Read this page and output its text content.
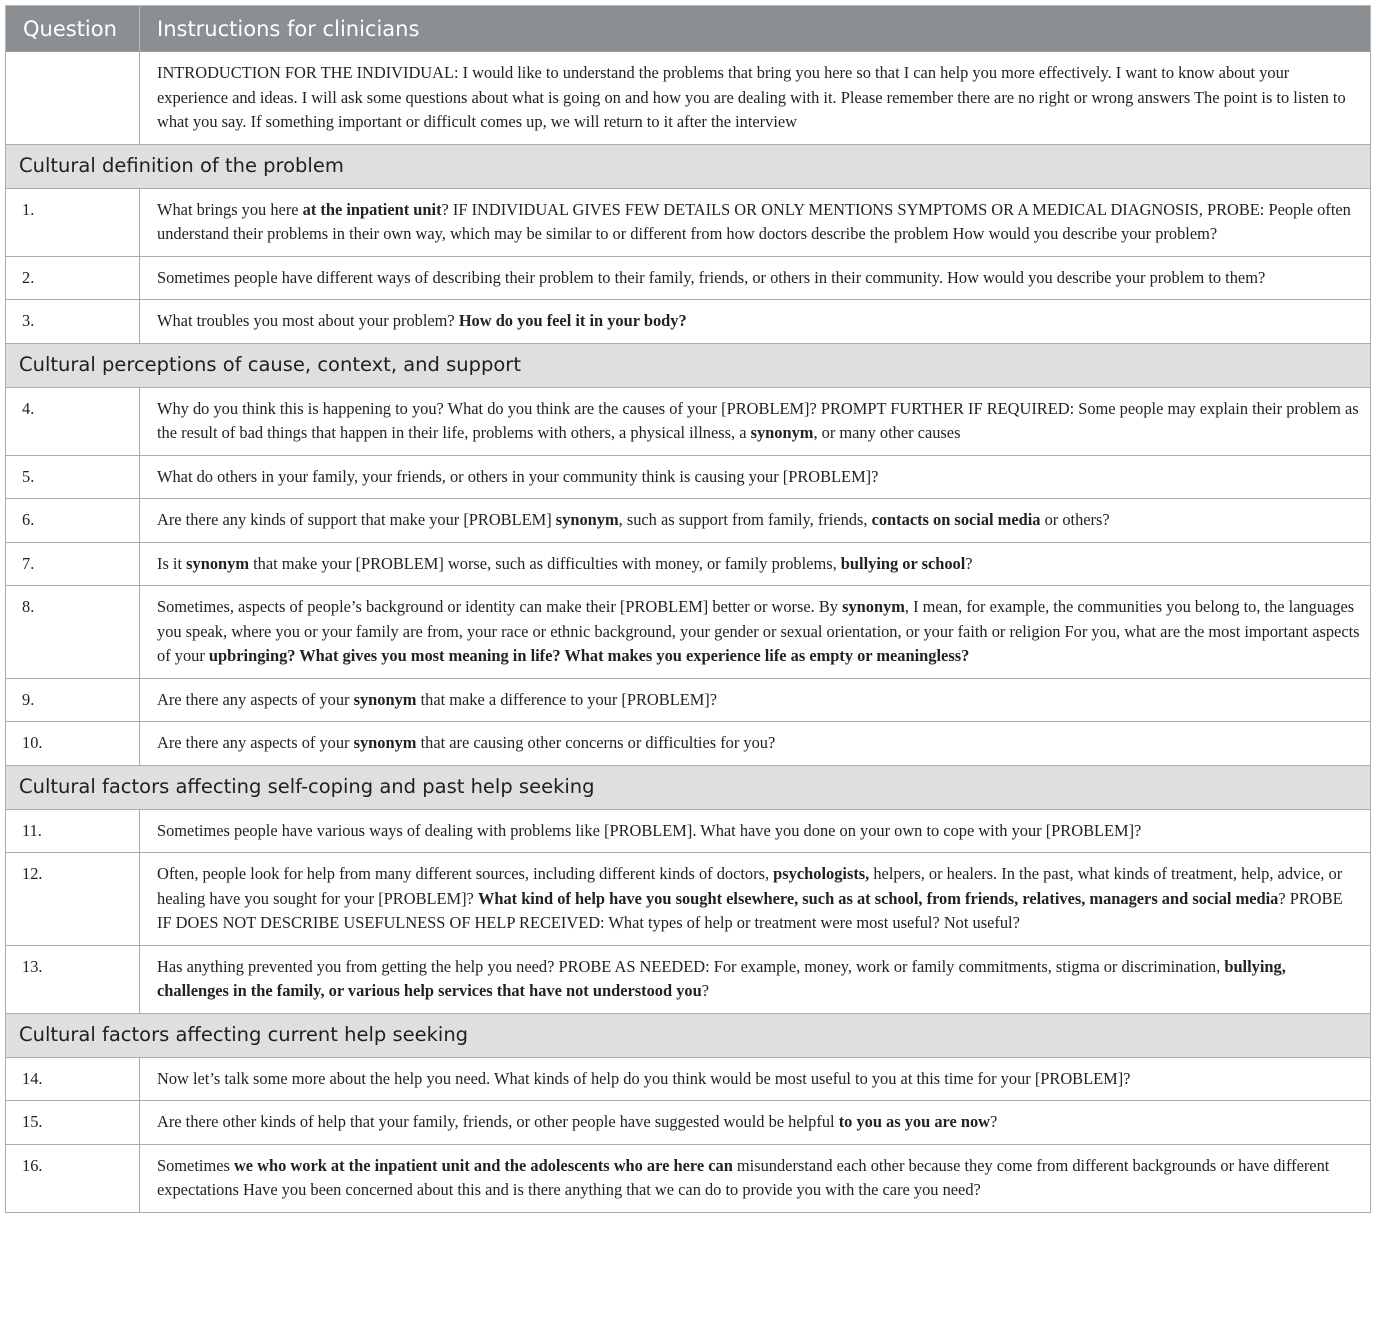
Question	Instructions for clinicians
	INTRODUCTION FOR THE INDIVIDUAL: I would like to understand the problems that bring you here so that I can help you more effectively. I want to know about your experience and ideas. I will ask some questions about what is going on and how you are dealing with it. Please remember there are no right or wrong answers The point is to listen to what you say. If something important or difficult comes up, we will return to it after the interview
Cultural definition of the problem	
1.	What brings you here at the inpatient unit? IF INDIVIDUAL GIVES FEW DETAILS OR ONLY MENTIONS SYMPTOMS OR A MEDICAL DIAGNOSIS, PROBE: People often understand their problems in their own way, which may be similar to or different from how doctors describe the problem How would you describe your problem?
2.	Sometimes people have different ways of describing their problem to their family, friends, or others in their community. How would you describe your problem to them?
3.	What troubles you most about your problem? How do you feel it in your body?
Cultural perceptions of cause, context, and support	
4.	Why do you think this is happening to you? What do you think are the causes of your [PROBLEM]? PROMPT FURTHER IF REQUIRED: Some people may explain their problem as the result of bad things that happen in their life, problems with others, a physical illness, a synonym, or many other causes
5.	What do others in your family, your friends, or others in your community think is causing your [PROBLEM]?
6.	Are there any kinds of support that make your [PROBLEM] synonym, such as support from family, friends, contacts on social media or others?
7.	Is it synonym that make your [PROBLEM] worse, such as difficulties with money, or family problems, bullying or school?
8.	Sometimes, aspects of people’s background or identity can make their [PROBLEM] better or worse. By synonym, I mean, for example, the communities you belong to, the languages you speak, where you or your family are from, your race or ethnic background, your gender or sexual orientation, or your faith or religion For you, what are the most important aspects of your upbringing? What gives you most meaning in life? What makes you experience life as empty or meaningless?
9.	Are there any aspects of your synonym that make a difference to your [PROBLEM]?
10.	Are there any aspects of your synonym that are causing other concerns or difficulties for you?
Cultural factors affecting self-coping and past help seeking	
11.	Sometimes people have various ways of dealing with problems like [PROBLEM]. What have you done on your own to cope with your [PROBLEM]?
12.	Often, people look for help from many different sources, including different kinds of doctors, psychologists, helpers, or healers. In the past, what kinds of treatment, help, advice, or healing have you sought for your [PROBLEM]? What kind of help have you sought elsewhere, such as at school, from friends, relatives, managers and social media? PROBE IF DOES NOT DESCRIBE USEFULNESS OF HELP RECEIVED: What types of help or treatment were most useful? Not useful?
13.	Has anything prevented you from getting the help you need? PROBE AS NEEDED: For example, money, work or family commitments, stigma or discrimination, bullying, challenges in the family, or various help services that have not understood you?
Cultural factors affecting current help seeking	
14.	Now let’s talk some more about the help you need. What kinds of help do you think would be most useful to you at this time for your [PROBLEM]?
15.	Are there other kinds of help that your family, friends, or other people have suggested would be helpful to you as you are now?
16.	Sometimes we who work at the inpatient unit and the adolescents who are here can misunderstand each other because they come from different backgrounds or have different expectations Have you been concerned about this and is there anything that we can do to provide you with the care you need?
